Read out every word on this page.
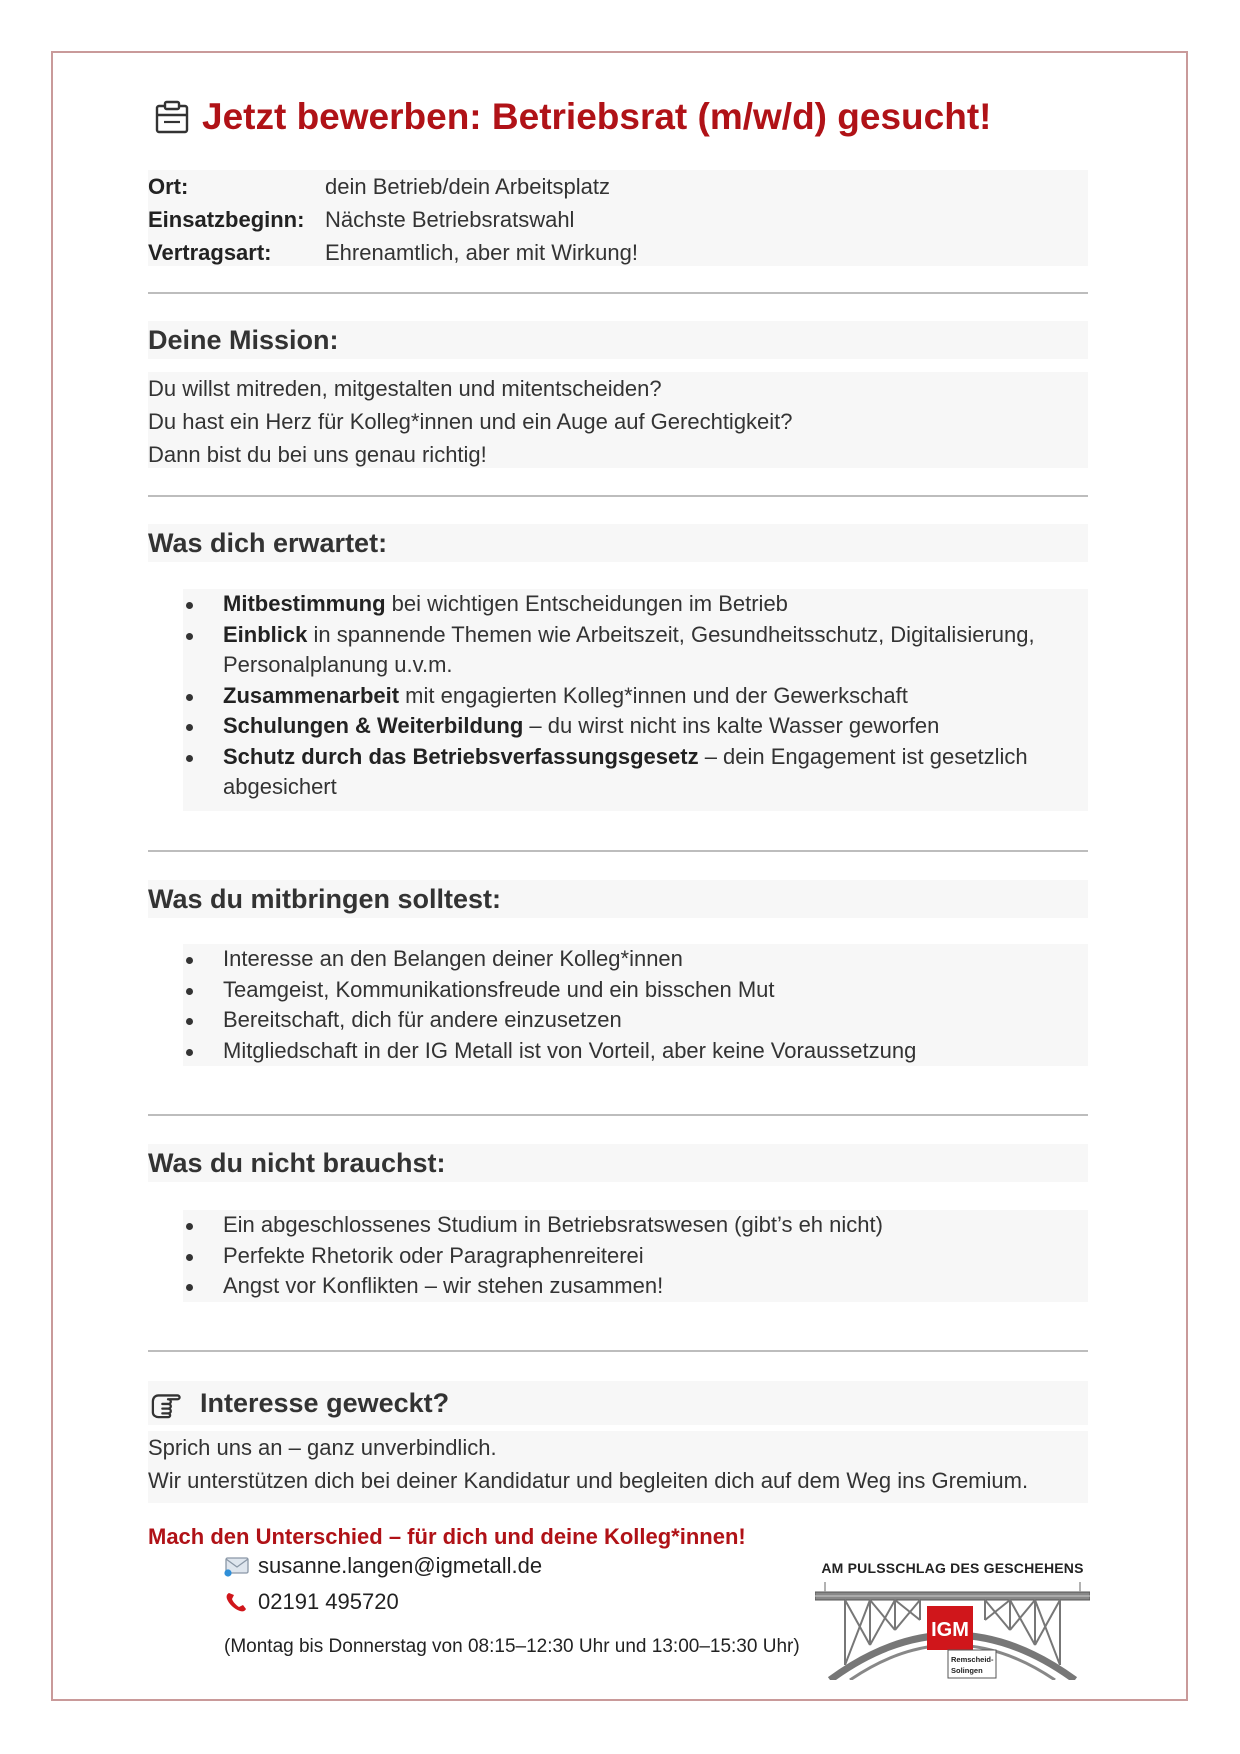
Jetzt bewerben: Betriebsrat (m/w/d) gesucht!
Ort:	dein Betrieb/dein Arbeitsplatz
Einsatzbeginn: Nächste Betriebsratswahl
Vertragsart:	Ehrenamtlich, aber mit Wirkung!
Deine Mission:
Du willst mitreden, mitgestalten und mitentscheiden?
Du hast ein Herz für Kolleg*innen und ein Auge auf Gerechtigkeit?
Dann bist du bei uns genau richtig!
Was dich erwartet:
Mitbestimmung bei wichtigen Entscheidungen im Betrieb
Einblick in spannende Themen wie Arbeitszeit, Gesundheitsschutz, Digitalisierung, Personalplanung u.v.m.
Zusammenarbeit mit engagierten Kolleg*innen und der Gewerkschaft
Schulungen & Weiterbildung – du wirst nicht ins kalte Wasser geworfen
Schutz durch das Betriebsverfassungsgesetz – dein Engagement ist gesetzlich abgesichert
Was du mitbringen solltest:
Interesse an den Belangen deiner Kolleg*innen
Teamgeist, Kommunikationsfreude und ein bisschen Mut
Bereitschaft, dich für andere einzusetzen
Mitgliedschaft in der IG Metall ist von Vorteil, aber keine Voraussetzung
Was du nicht brauchst:
Ein abgeschlossenes Studium in Betriebsratswesen (gibt’s eh nicht)
Perfekte Rhetorik oder Paragraphenreiterei
Angst vor Konflikten – wir stehen zusammen!
Interesse geweckt?
Sprich uns an – ganz unverbindlich.
Wir unterstützen dich bei deiner Kandidatur und begleiten dich auf dem Weg ins Gremium.
Mach den Unterschied – für dich und deine Kolleg*innen!
susanne.langen@igmetall.de
02191 495720
(Montag bis Donnerstag von 08:15–12:30 Uhr und 13:00–15:30 Uhr)
AM PULSSCHLAG DES GESCHEHENS
IGM
Remscheid-
Solingen
